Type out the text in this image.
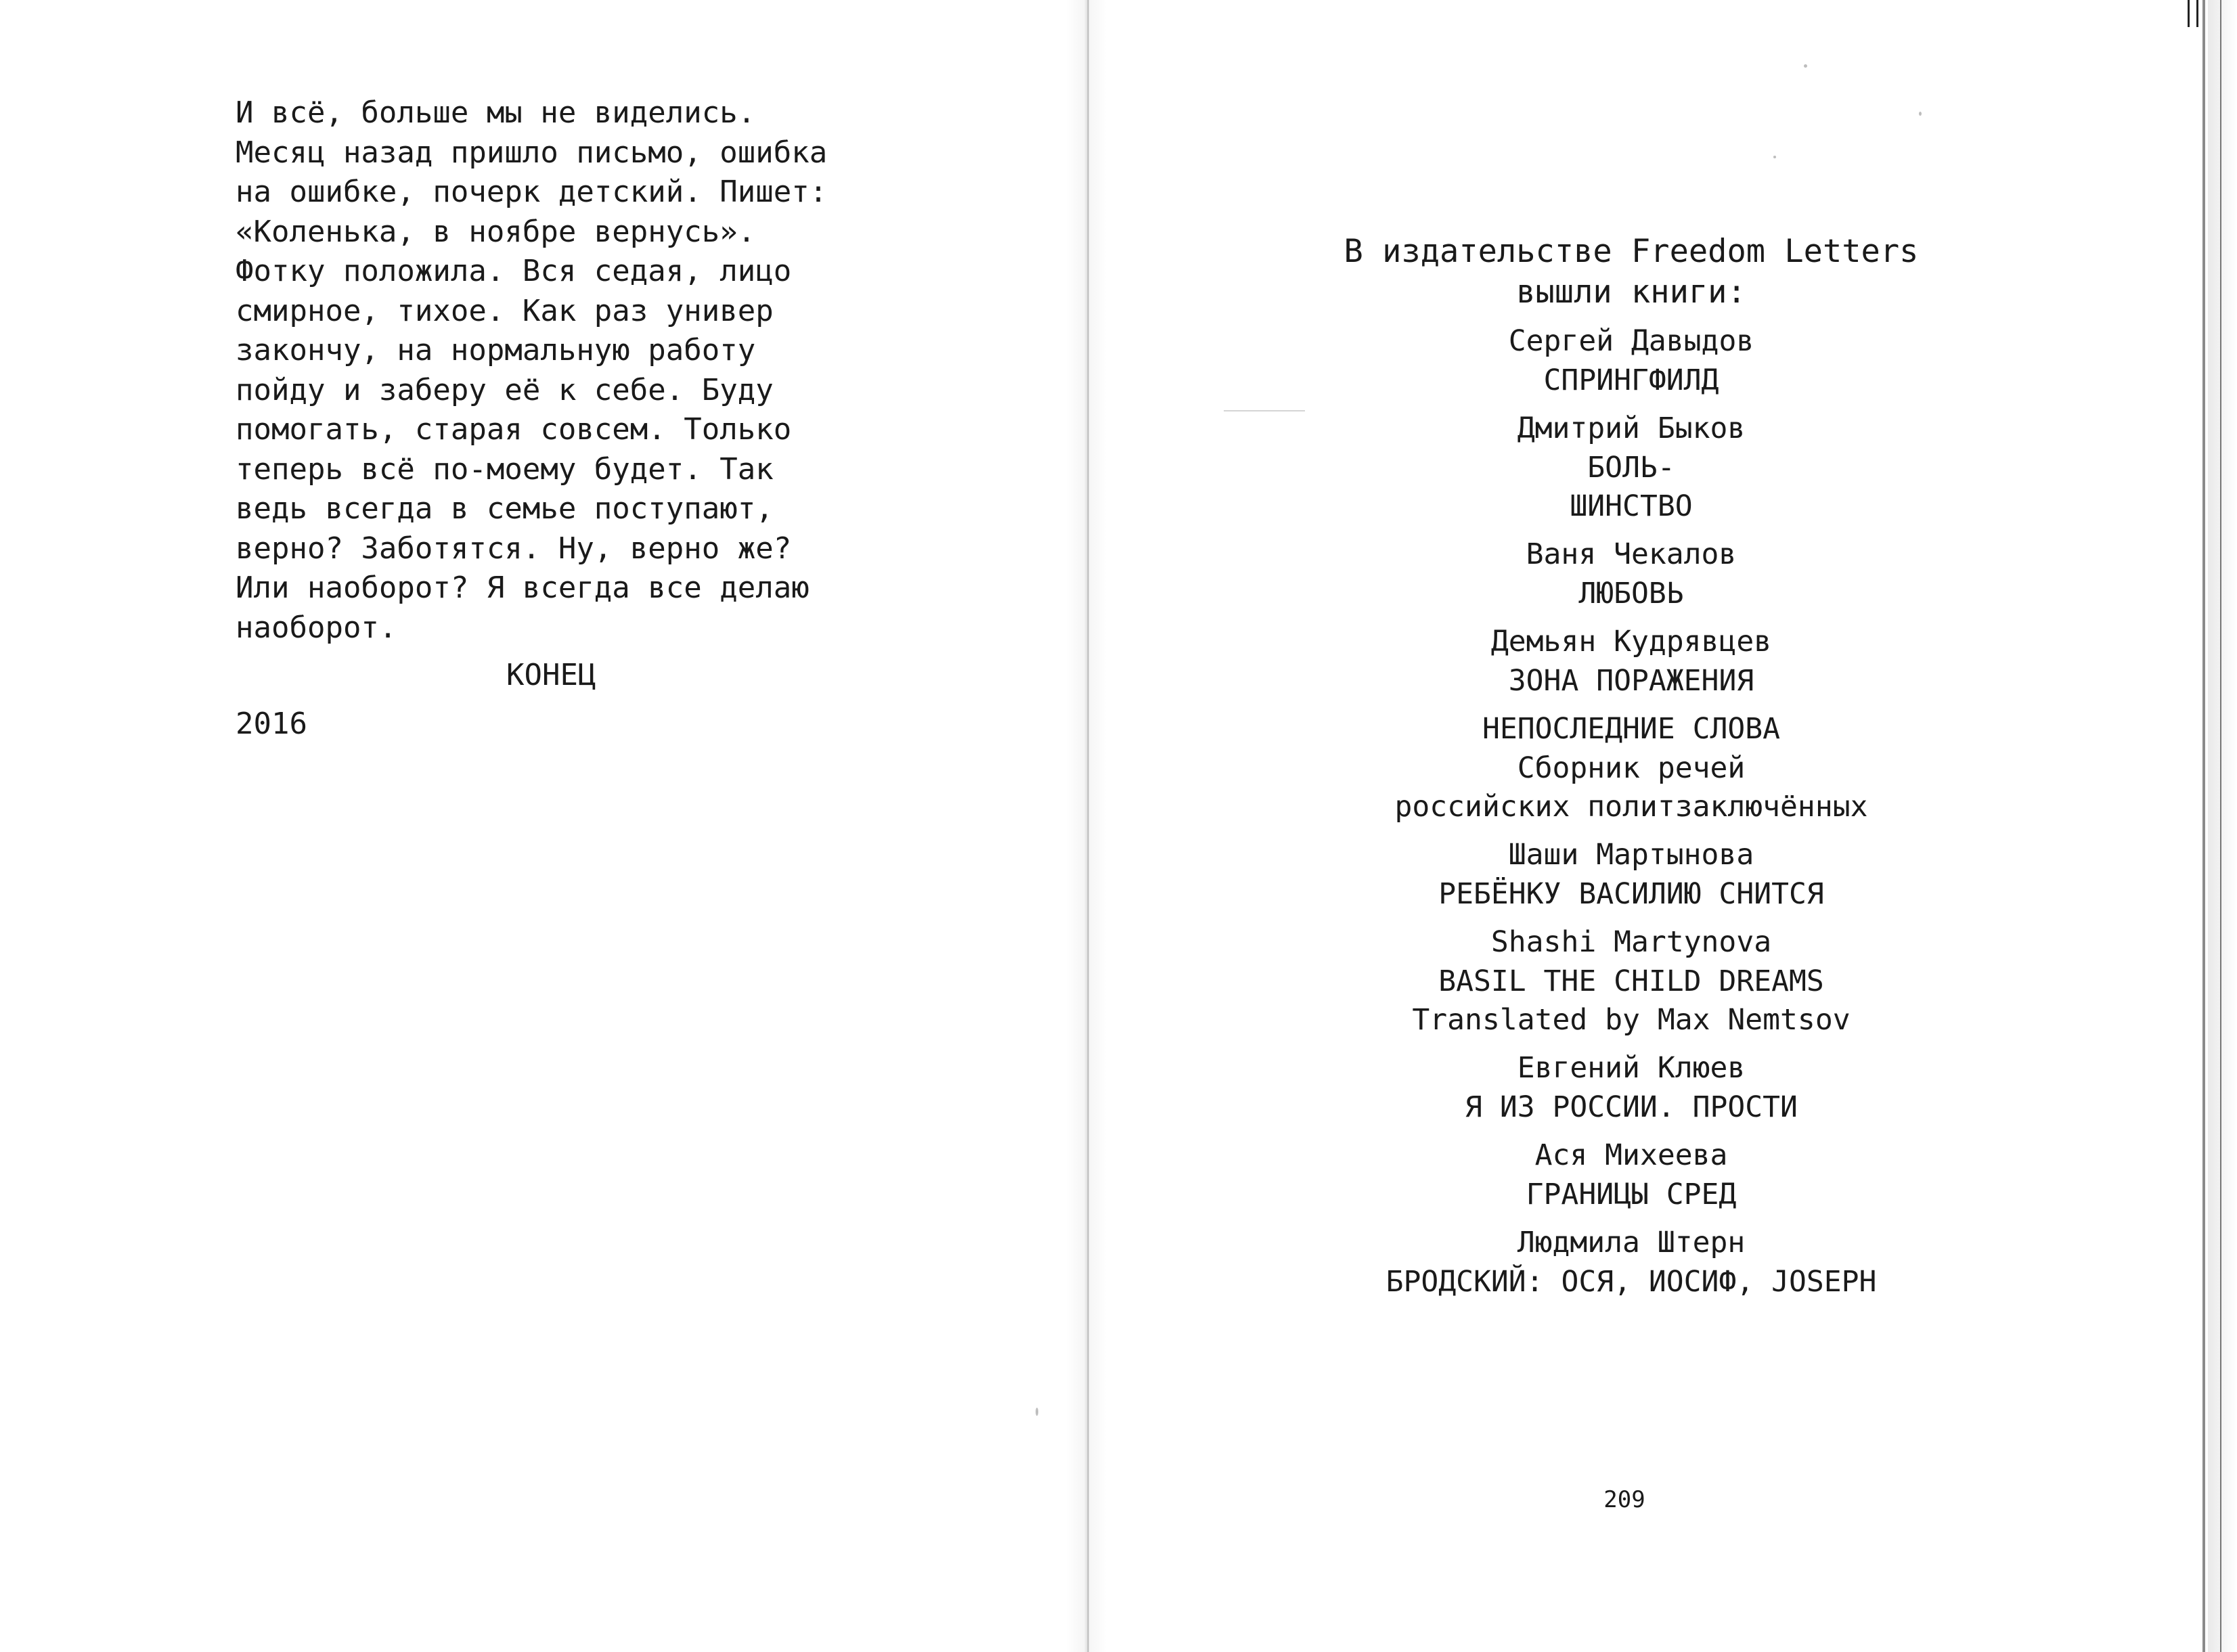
И всё, больше мы не виделись.

Месяц назад пришло письмо, ошибка

на ошибке, почерк детский. Пишет:

«Коленька, в ноябре вернусь».

Фотку положила. Вся седая, лицо

смирное, тихое. Как раз универ

закончу, на нормальную работу

пойду и заберу её к себе. Буду

помогать, старая совсем. Только

теперь всё по-моему будет. Так

ведь всегда в семье поступают,

верно? Заботятся. Ну, верно же?

Или наоборот? Я всегда все делаю

наоборот.

КОНЕЦ

2016

В издательстве Freedom Letters

вышли книги:

Сергей Давыдов

СПРИНГФИЛД

Дмитрий Быков

БОЛЬ-

ШИНСТВО

Ваня Чекалов

ЛЮБОВЬ

Демьян Кудрявцев

ЗОНА ПОРАЖЕНИЯ

НЕПОСЛЕДНИЕ СЛОВА

Сборник речей

российских политзаключённых

Шаши Мартынова

РЕБЁНКУ ВАСИЛИЮ СНИТСЯ

Shashi Martynova

BASIL THE CHILD DREAMS

Translated by Max Nemtsov

Евгений Клюев

Я ИЗ РОССИИ. ПРОСТИ

Ася Михеева

ГРАНИЦЫ СРЕД

Людмила Штерн

БРОДСКИЙ: ОСЯ, ИОСИФ, JOSEPH

209
